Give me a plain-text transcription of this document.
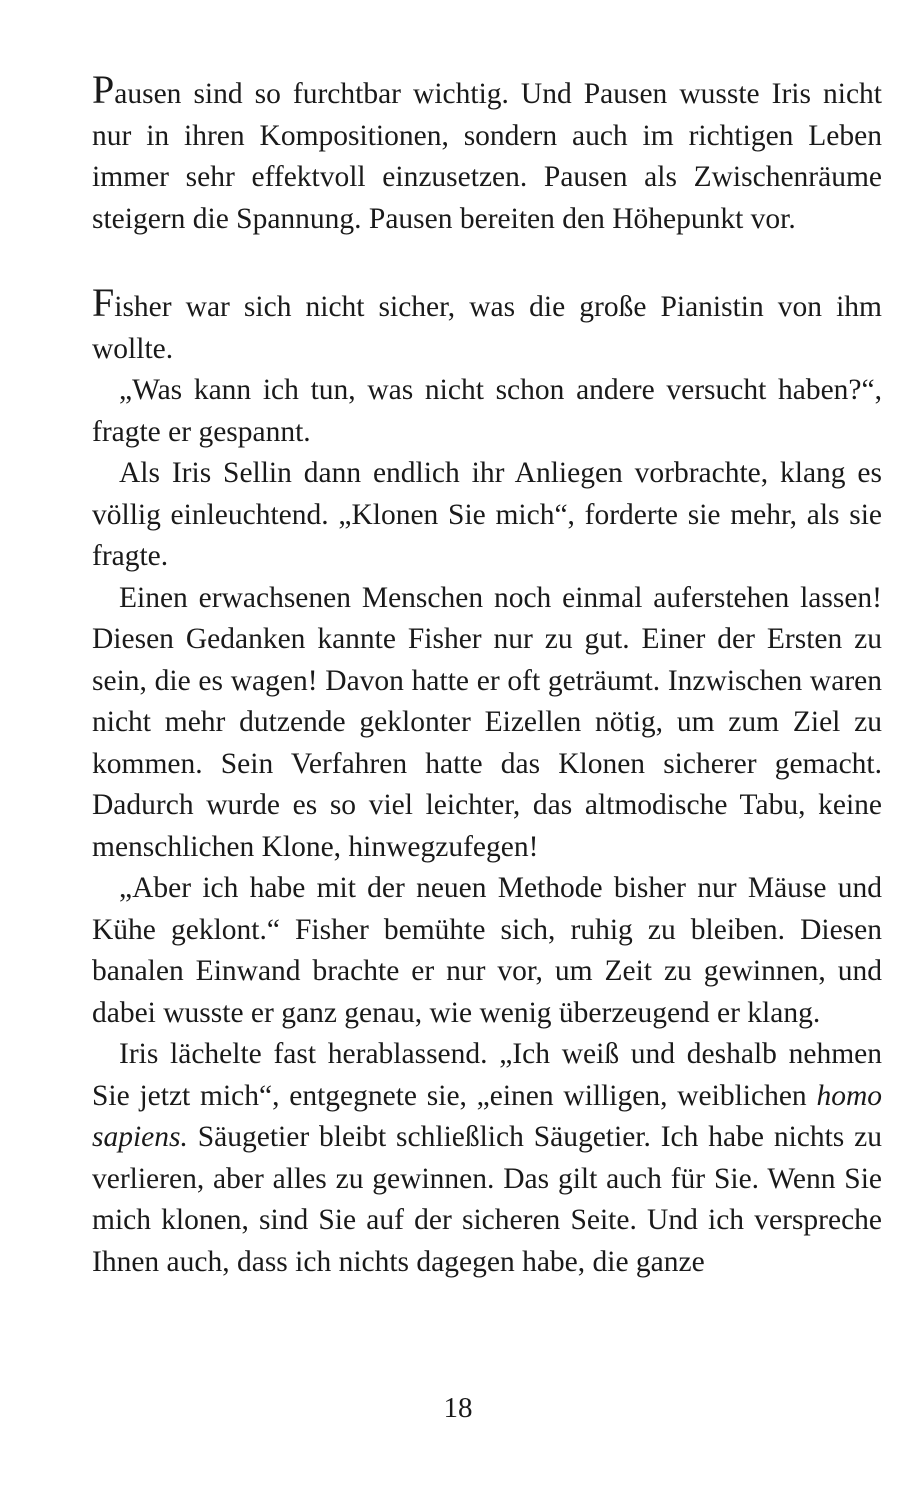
Pausen sind so furchtbar wichtig. Und Pausen wusste Iris nicht nur in ihren Kompositionen, sondern auch im richtigen Leben immer sehr effektvoll einzusetzen. Pausen als Zwischenräume steigern die Spannung. Pausen bereiten den Höhepunkt vor.

Fisher war sich nicht sicher, was die große Pianistin von ihm wollte.

„Was kann ich tun, was nicht schon andere versucht haben?“, fragte er gespannt.

Als Iris Sellin dann endlich ihr Anliegen vorbrachte, klang es völlig einleuchtend. „Klonen Sie mich“, forderte sie mehr, als sie fragte.

Einen erwachsenen Menschen noch einmal auferstehen lassen! Diesen Gedanken kannte Fisher nur zu gut. Einer der Ersten zu sein, die es wagen! Davon hatte er oft geträumt. Inzwischen waren nicht mehr dutzende geklonter Eizellen nötig, um zum Ziel zu kommen. Sein Verfahren hatte das Klonen sicherer gemacht. Dadurch wurde es so viel leichter, das altmodische Tabu, keine menschlichen Klone, hinwegzufegen!

„Aber ich habe mit der neuen Methode bisher nur Mäuse und Kühe geklont.“ Fisher bemühte sich, ruhig zu bleiben. Diesen banalen Einwand brachte er nur vor, um Zeit zu gewinnen, und dabei wusste er ganz genau, wie wenig überzeugend er klang.

Iris lächelte fast herablassend. „Ich weiß und deshalb nehmen Sie jetzt mich“, entgegnete sie, „einen willigen, weiblichen homo sapiens. Säugetier bleibt schließlich Säugetier. Ich habe nichts zu verlieren, aber alles zu gewinnen. Das gilt auch für Sie. Wenn Sie mich klonen, sind Sie auf der sicheren Seite. Und ich verspreche Ihnen auch, dass ich nichts dagegen habe, die ganze

18
